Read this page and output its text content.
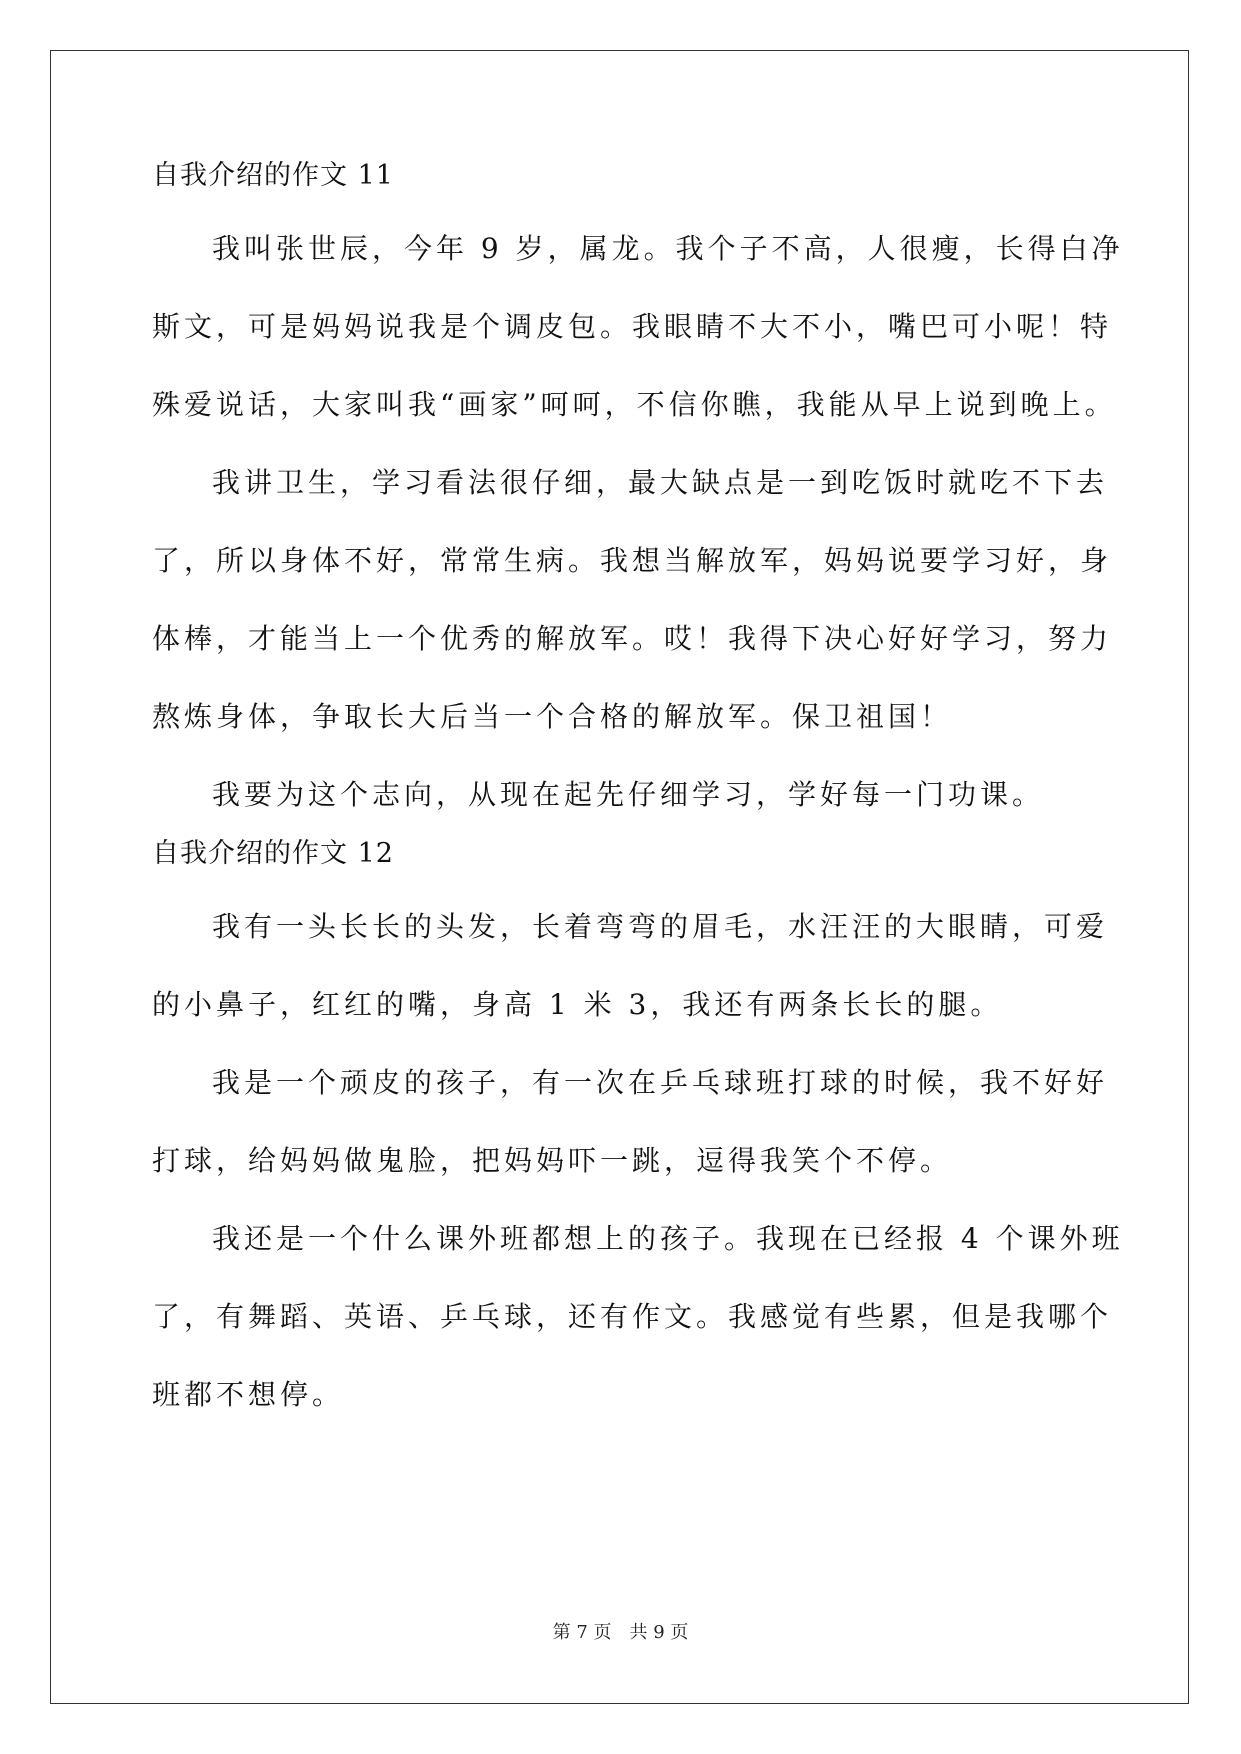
自我介绍的作文 11

我叫张世辰，今年 9 岁，属龙。我个子不高，人很瘦，长得白净
斯文，可是妈妈说我是个调皮包。我眼睛不大不小，嘴巴可小呢！特
殊爱说话，大家叫我“画家”呵呵，不信你瞧，我能从早上说到晚上。

我讲卫生，学习看法很仔细，最大缺点是一到吃饭时就吃不下去
了，所以身体不好，常常生病。我想当解放军，妈妈说要学习好，身
体棒，才能当上一个优秀的解放军。哎！我得下决心好好学习，努力
熬炼身体，争取长大后当一个合格的解放军。保卫祖国！

我要为这个志向，从现在起先仔细学习，学好每一门功课。

自我介绍的作文 12

我有一头长长的头发，长着弯弯的眉毛，水汪汪的大眼睛，可爱
的小鼻子，红红的嘴，身高 1 米 3，我还有两条长长的腿。

我是一个顽皮的孩子，有一次在乒乓球班打球的时候，我不好好
打球，给妈妈做鬼脸，把妈妈吓一跳，逗得我笑个不停。

我还是一个什么课外班都想上的孩子。我现在已经报 4 个课外班
了，有舞蹈、英语、乒乓球，还有作文。我感觉有些累，但是我哪个
班都不想停。

第 7 页　共 9 页
